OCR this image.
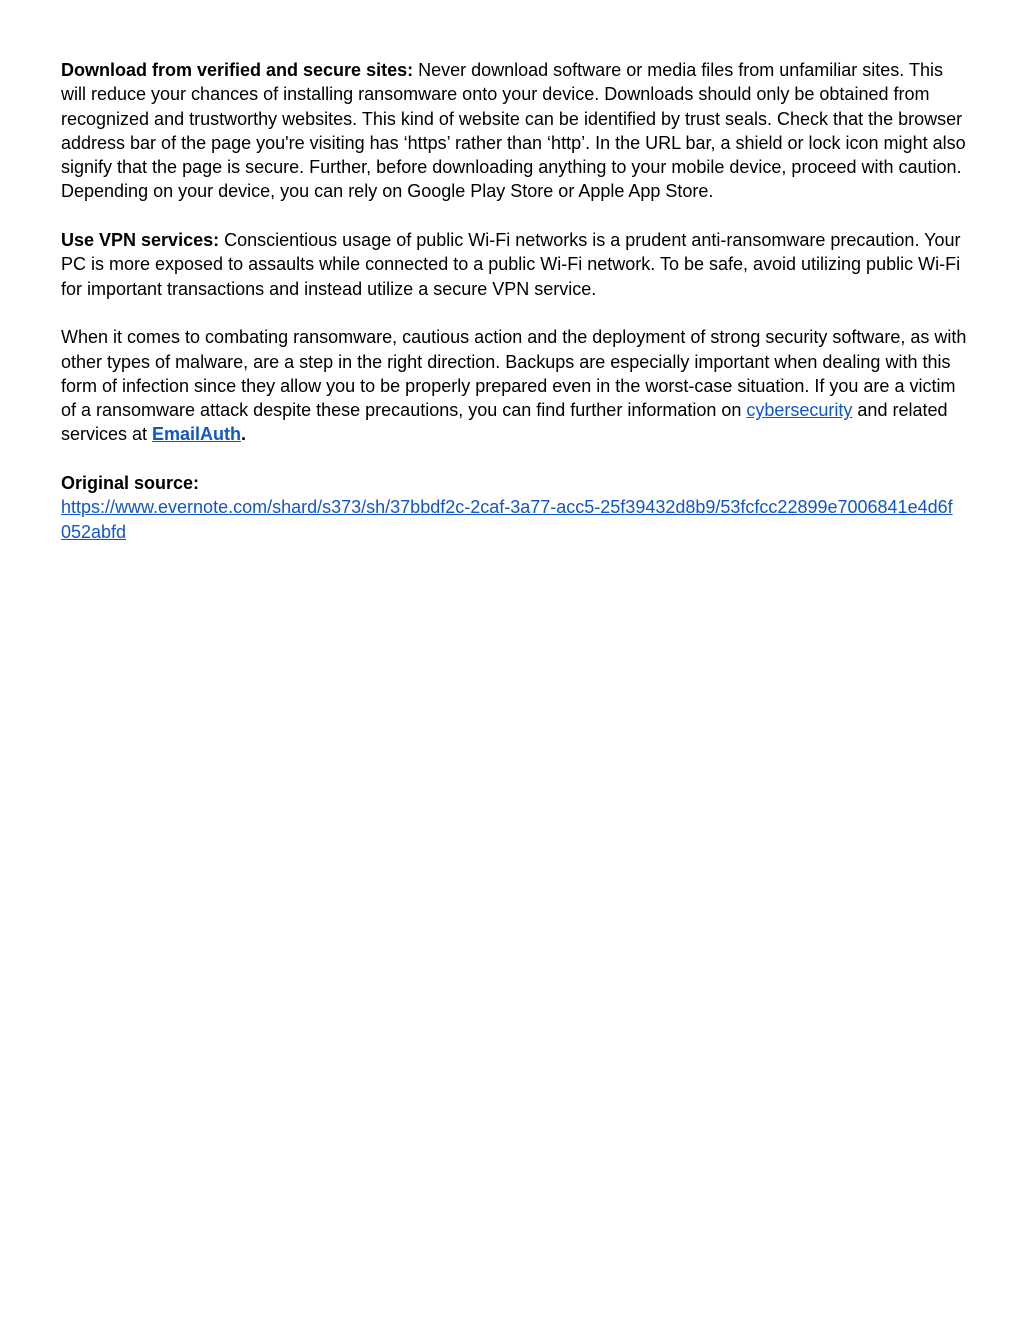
Download from verified and secure sites: Never download software or media files from unfamiliar sites. This will reduce your chances of installing ransomware onto your device. Downloads should only be obtained from recognized and trustworthy websites. This kind of website can be identified by trust seals. Check that the browser address bar of the page you're visiting has ‘https’ rather than ‘http’. In the URL bar, a shield or lock icon might also signify that the page is secure. Further, before downloading anything to your mobile device, proceed with caution. Depending on your device, you can rely on Google Play Store or Apple App Store.

Use VPN services: Conscientious usage of public Wi-Fi networks is a prudent anti-ransomware precaution. Your PC is more exposed to assaults while connected to a public Wi-Fi network. To be safe, avoid utilizing public Wi-Fi for important transactions and instead utilize a secure VPN service.

When it comes to combating ransomware, cautious action and the deployment of strong security software, as with other types of malware, are a step in the right direction. Backups are especially important when dealing with this form of infection since they allow you to be properly prepared even in the worst-case situation. If you are a victim of a ransomware attack despite these precautions, you can find further information on cybersecurity and related services at EmailAuth.

Original source:
https://www.evernote.com/shard/s373/sh/37bbdf2c-2caf-3a77-acc5-25f39432d8b9/53fcfcc22899e7006841e4d6f052abfd
